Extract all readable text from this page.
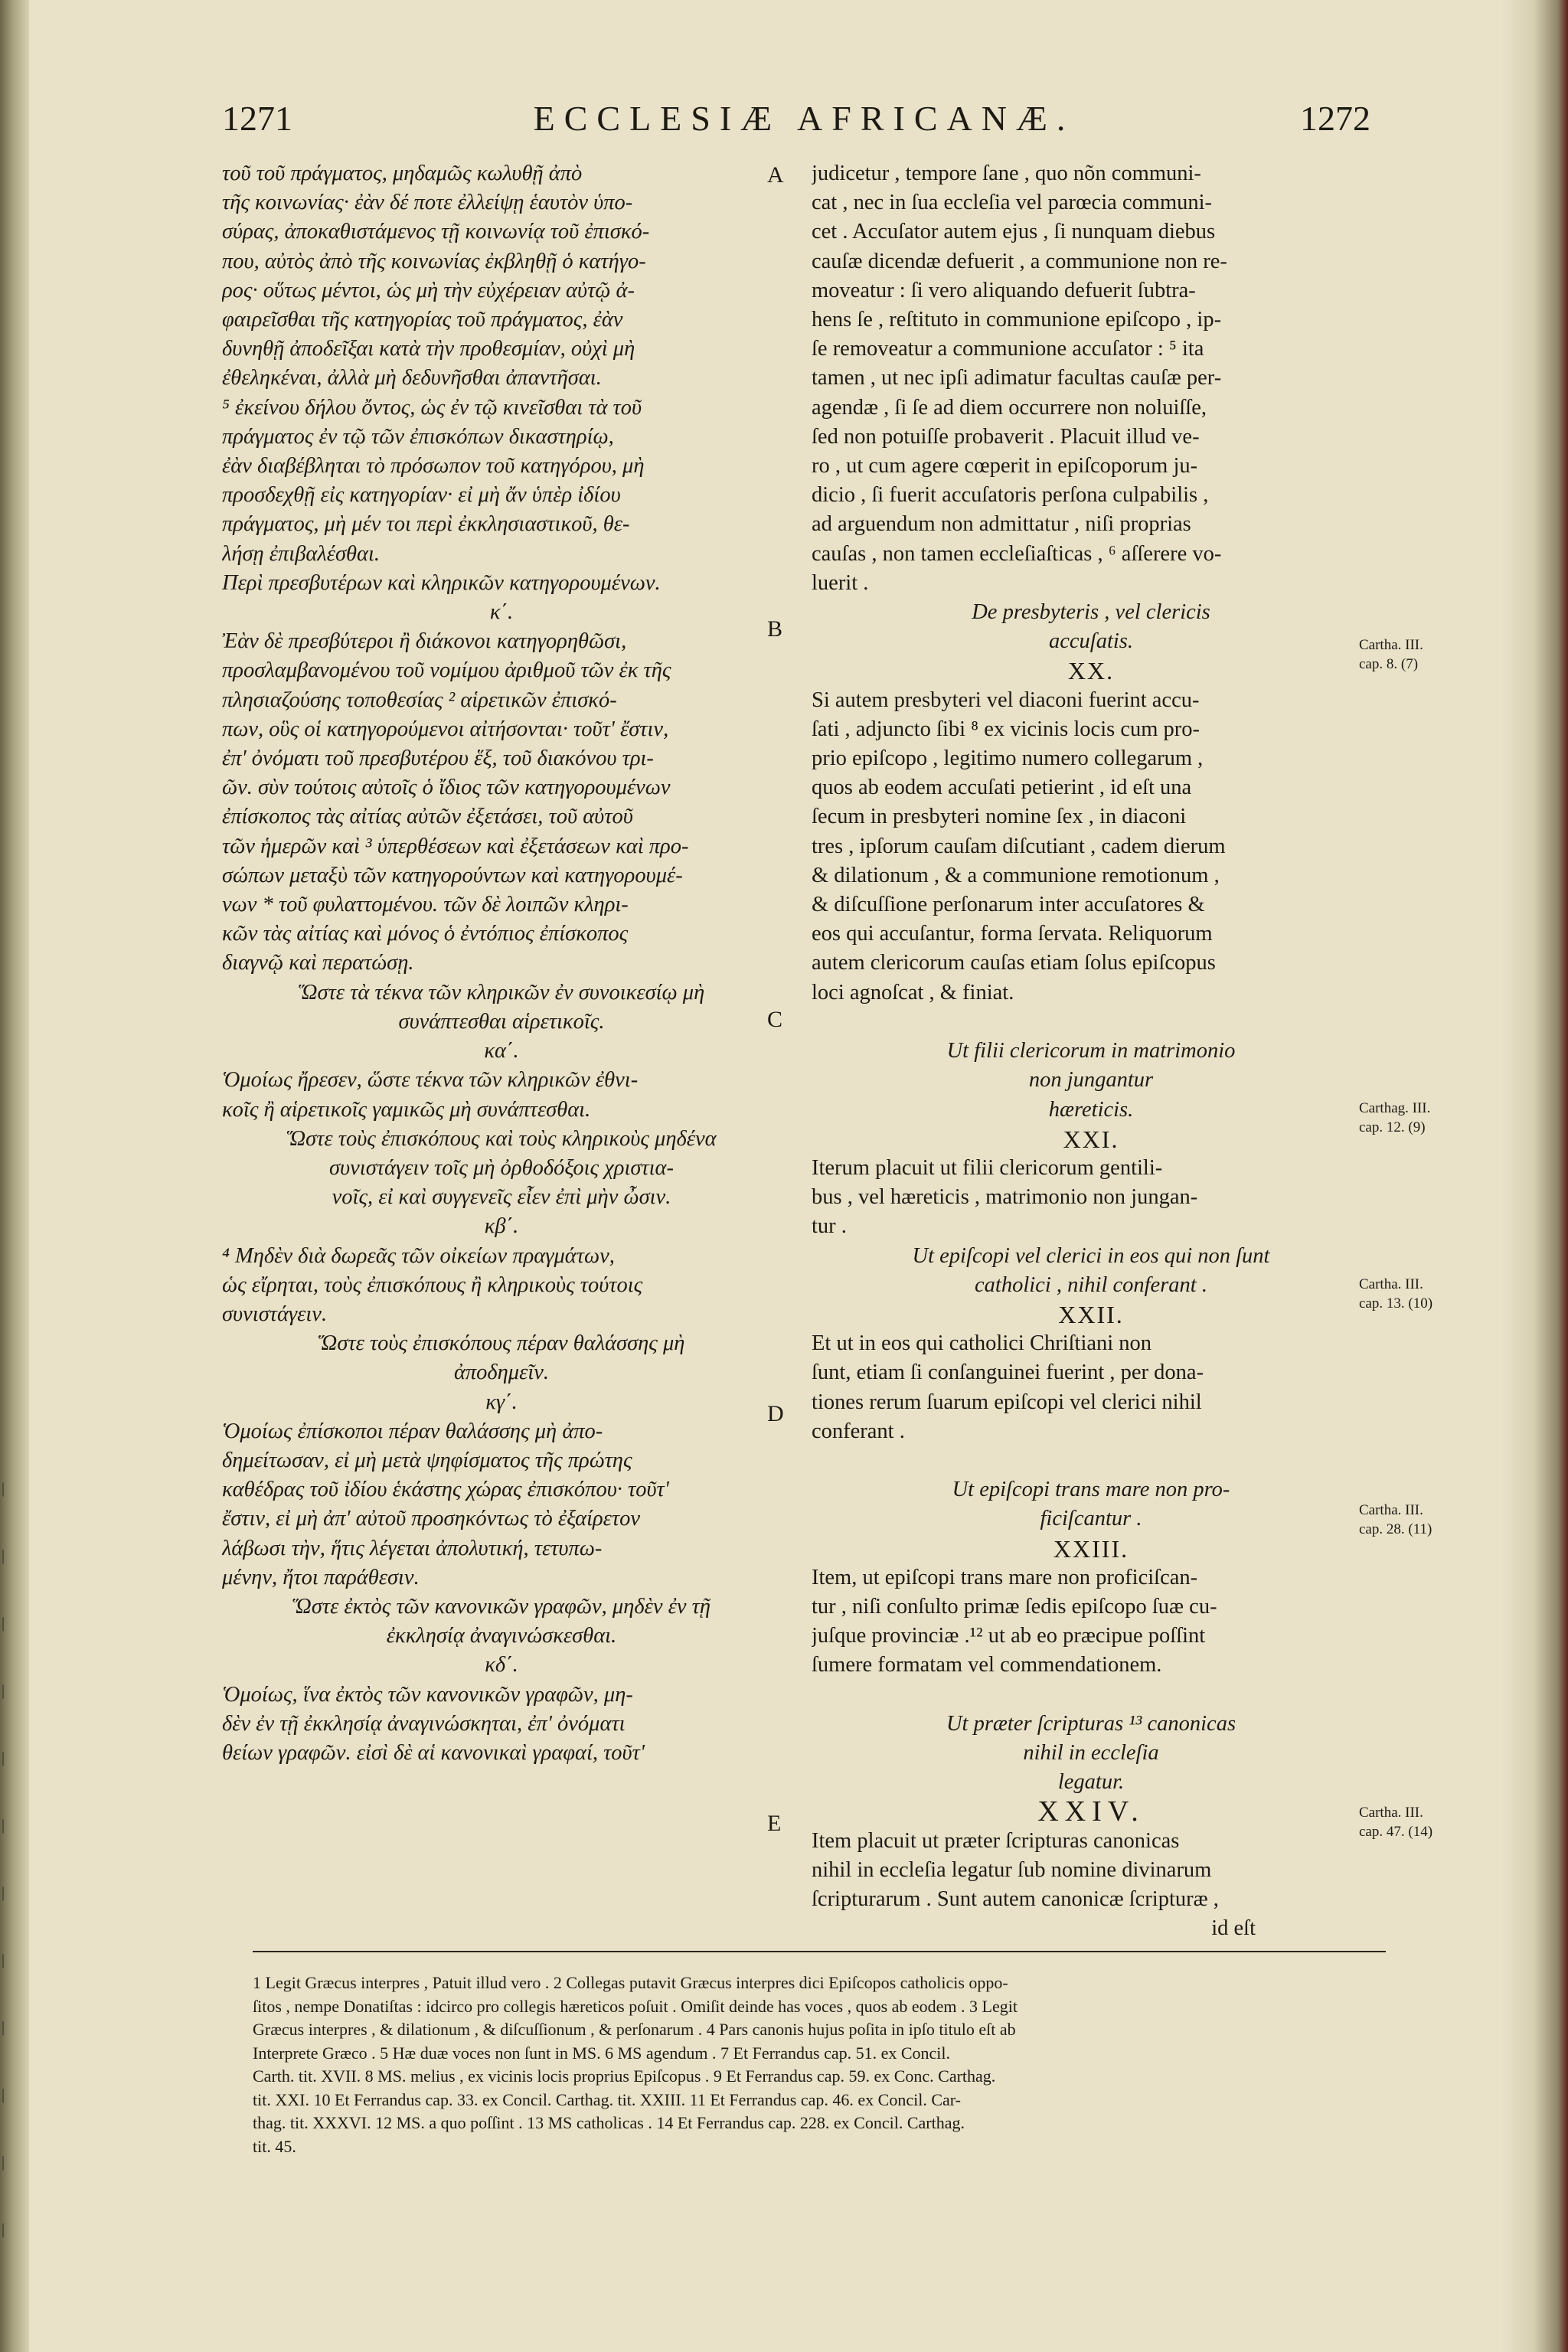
|
|
|
|
|
|
|
|
|
|
|
|
1271	ECCLESIÆ AFRICANÆ.	1272
τοῦ τοῦ πράγματος, μηδαμῶς κωλυθῇ ἀπὸ
τῆς κοινωνίας· ἐὰν δέ ποτε ἐλλείψῃ ἑαυτὸν ὑπο-
σύρας, ἀποκαθιστάμενος τῇ κοινωνίᾳ τοῦ ἐπισκό-
που, αὐτὸς ἀπὸ τῆς κοινωνίας ἐκβληθῇ ὁ κατήγο-
ρος· οὕτως μέντοι, ὡς μὴ τὴν εὐχέρειαν αὐτῷ ἀ-
φαιρεῖσθαι τῆς κατηγορίας τοῦ πράγματος, ἐὰν
δυνηθῇ ἀποδεῖξαι κατὰ τὴν προθεσμίαν, οὐχὶ μὴ
ἐθεληκέναι, ἀλλὰ μὴ δεδυνῆσθαι ἀπαντῆσαι.
⁵ ἐκείνου δήλου ὄντος, ὡς ἐν τῷ κινεῖσθαι τὰ τοῦ
πράγματος ἐν τῷ τῶν ἐπισκόπων δικαστηρίῳ,
ἐὰν διαβέβληται τὸ πρόσωπον τοῦ κατηγόρου, μὴ
προσδεχθῇ εἰς κατηγορίαν· εἰ μὴ ἄν ὑπὲρ ἰδίου
πράγματος, μὴ μέν τοι περὶ ἐκκλησιαστικοῦ, θε-
λήσῃ ἐπιβαλέσθαι.
Περὶ πρεσβυτέρων καὶ κληρικῶν κατηγορουμένων.
κ΄.
Ἐὰν δὲ πρεσβύτεροι ἢ διάκονοι κατηγορηθῶσι,
προσλαμβανομένου τοῦ νομίμου ἀριθμοῦ τῶν ἐκ τῆς
πλησιαζούσης τοποθεσίας ² αἱρετικῶν ἐπισκό-
πων, οὓς οἱ κατηγορούμενοι αἰτήσονται· τοῦτ' ἔστιν,
ἐπ' ὀνόματι τοῦ πρεσβυτέρου ἕξ, τοῦ διακόνου τρι-
ῶν. σὺν τούτοις αὐτοῖς ὁ ἴδιος τῶν κατηγορουμένων
ἐπίσκοπος τὰς αἰτίας αὐτῶν ἐξετάσει, τοῦ αὐτοῦ
τῶν ἡμερῶν καὶ ³ ὑπερθέσεων καὶ ἐξετάσεων καὶ προ-
σώπων μεταξὺ τῶν κατηγορούντων καὶ κατηγορουμέ-
νων * τοῦ φυλαττομένου. τῶν δὲ λοιπῶν κληρι-
κῶν τὰς αἰτίας καὶ μόνος ὁ ἐντόπιος ἐπίσκοπος
διαγνῷ καὶ περατώσῃ.
Ὥστε τὰ τέκνα τῶν κληρικῶν ἐν συνοικεσίῳ μὴ
συνάπτεσθαι αἱρετικοῖς.
κα΄.
Ὁμοίως ἤρεσεν, ὥστε τέκνα τῶν κληρικῶν ἐθνι-
κοῖς ἢ αἱρετικοῖς γαμικῶς μὴ συνάπτεσθαι.
Ὥστε τοὺς ἐπισκόπους καὶ τοὺς κληρικοὺς μηδένα
συνιστάγειν τοῖς μὴ ὀρθοδόξοις χριστια-
νοῖς, εἰ καὶ συγγενεῖς εἶεν ἐπὶ μὴν ὦσιν.
κβ΄.
⁴ Μηδὲν διὰ δωρεᾶς τῶν οἰκείων πραγμάτων,
ὡς εἴρηται, τοὺς ἐπισκόπους ἢ κληρικοὺς τούτοις
συνιστάγειν.
Ὥστε τοὺς ἐπισκόπους πέραν θαλάσσης μὴ
ἀποδημεῖν.
κγ΄.
Ὁμοίως ἐπίσκοποι πέραν θαλάσσης μὴ ἀπο-
δημείτωσαν, εἰ μὴ μετὰ ψηφίσματος τῆς πρώτης
καθέδρας τοῦ ἰδίου ἑκάστης χώρας ἐπισκόπου· τοῦτ'
ἔστιν, εἰ μὴ ἀπ' αὐτοῦ προσηκόντως τὸ ἐξαίρετον
λάβωσι τὴν, ἥτις λέγεται ἀπολυτική, τετυπω-
μένην, ἤτοι παράθεσιν.
Ὥστε ἐκτὸς τῶν κανονικῶν γραφῶν, μηδὲν ἐν τῇ
ἐκκλησίᾳ ἀναγινώσκεσθαι.
κδ΄.
Ὁμοίως, ἵνα ἐκτὸς τῶν κανονικῶν γραφῶν, μη-
δὲν ἐν τῇ ἐκκλησίᾳ ἀναγινώσκηται, ἐπ' ὀνόματι
θείων γραφῶν. εἰσὶ δὲ αἱ κανονικαὶ γραφαί, τοῦτ'
judicetur , tempore ſane , quo nõn communi-
cat , nec in ſua eccleſia vel parœcia communi-
cet . Accuſator autem ejus , ſi nunquam diebus
cauſæ dicendæ defuerit , a communione non re-
moveatur : ſi vero aliquando defuerit ſubtra-
hens ſe , reſtituto in communione epiſcopo , ip-
ſe removeatur a communione accuſator : ⁵ ita
tamen , ut nec ipſi adimatur facultas cauſæ per-
agendæ , ſi ſe ad diem occurrere non noluiſſe,
ſed non potuiſſe probaverit . Placuit illud ve-
ro , ut cum agere cœperit in epiſcoporum ju-
dicio , ſi fuerit accuſatoris perſona culpabilis ,
ad arguendum non admittatur , niſi proprias
cauſas , non tamen eccleſiaſticas , ⁶ aſſerere vo-
luerit .
De presbyteris , vel clericis
accuſatis.
XX.
Si autem presbyteri vel diaconi fuerint accu-
ſati , adjuncto ſibi ⁸ ex vicinis locis cum pro-
prio epiſcopo , legitimo numero collegarum ,
quos ab eodem accuſati petierint , id eſt una
ſecum in presbyteri nomine ſex , in diaconi
tres , ipſorum cauſam diſcutiant , cadem dierum
& dilationum , & a communione remotionum ,
& diſcuſſione perſonarum inter accuſatores &
eos qui accuſantur, forma ſervata. Reliquorum
autem clericorum cauſas etiam ſolus epiſcopus
loci agnoſcat , & finiat.

Ut filii clericorum in matrimonio
non jungantur
hæreticis.
XXI.
Iterum placuit ut filii clericorum gentili-
bus , vel hæreticis , matrimonio non jungan-
tur .
Ut epiſcopi vel clerici in eos qui non ſunt
catholici , nihil conferant .
XXII.
Et ut in eos qui catholici Chriſtiani non
ſunt, etiam ſi conſanguinei fuerint , per dona-
tiones rerum ſuarum epiſcopi vel clerici nihil
conferant .

Ut epiſcopi trans mare non pro-
ficiſcantur .
XXIII.
Item, ut epiſcopi trans mare non proficiſcan-
tur , niſi conſulto primæ ſedis epiſcopo ſuæ cu-
juſque provinciæ .¹² ut ab eo præcipue poſſint
ſumere formatam vel commendationem.

Ut præter ſcripturas ¹³ canonicas
nihil in eccleſia
legatur.
XXIV.
Item placuit ut præter ſcripturas canonicas
nihil in eccleſia legatur ſub nomine divinarum
ſcripturarum . Sunt autem canonicæ ſcripturæ ,
id eſt
A
B
C
D
E
Cartha. III.
cap. 8. (7)
Carthag. III.
cap. 12. (9)
Cartha. III.
cap. 13. (10)
Cartha. III.
cap. 28. (11)
Cartha. III.
cap. 47. (14)
1 Legit Græcus interpres , Patuit illud vero . 2 Collegas putavit Græcus interpres dici Epiſcopos catholicis oppo-
ſitos , nempe Donatiſtas : idcirco pro collegis hæreticos poſuit . Omiſit deinde has voces , quos ab eodem . 3 Legit
Græcus interpres , & dilationum , & diſcuſſionum , & perſonarum . 4 Pars canonis hujus poſita in ipſo titulo eſt ab
Interprete Græco . 5 Hæ duæ voces non ſunt in MS. 6 MS agendum . 7 Et Ferrandus cap. 51. ex Concil.
Carth. tit. XVII. 8 MS. melius , ex vicinis locis proprius Epiſcopus . 9 Et Ferrandus cap. 59. ex Conc. Carthag.
tit. XXI. 10 Et Ferrandus cap. 33. ex Concil. Carthag. tit. XXIII. 11 Et Ferrandus cap. 46. ex Concil. Car-
thag. tit. XXXVI. 12 MS. a quo poſſint . 13 MS catholicas . 14 Et Ferrandus cap. 228. ex Concil. Carthag.
tit. 45.
